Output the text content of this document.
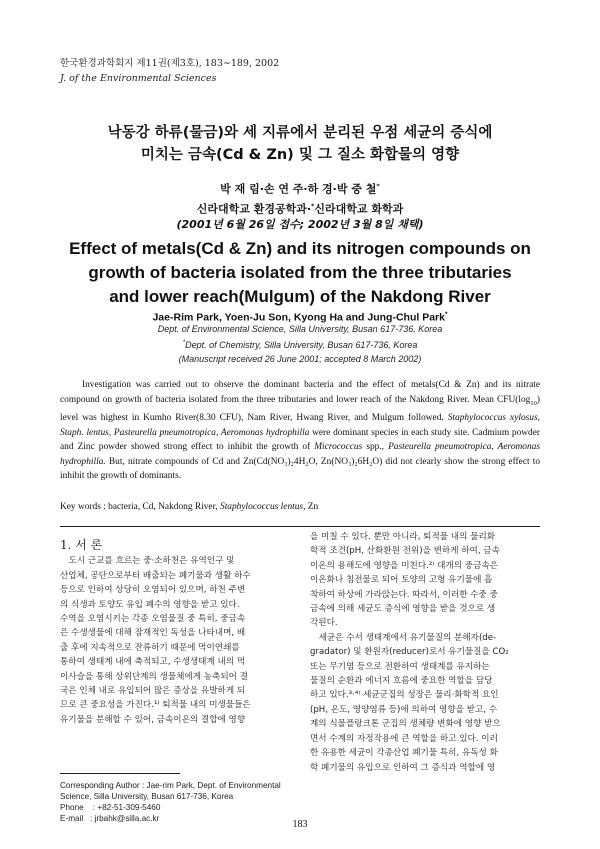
한국환경과학회지 제11권(제3호), 183∼189, 2002
J. of the Environmental Sciences
낙동강 하류(물금)와 세 지류에서 분리된 우점 세균의 증식에
미치는 금속(Cd & Zn) 및 그 질소 화합물의 영향
박 재 림·손 연 주·하 경·박 중 철*
신라대학교 환경공학과·*신라대학교 화학과
(2001년 6월 26일 접수; 2002년 3월 8일 채택)
Effect of metals(Cd & Zn) and its nitrogen compounds on
growth of bacteria isolated from the three tributaries
and lower reach(Mulgum) of the Nakdong River
Jae-Rim Park, Yoen-Ju Son, Kyong Ha and Jung-Chul Park*
Dept. of Environmental Science, Silla University, Busan 617-736, Korea
*Dept. of Chemistry, Silla University, Busan 617-736, Korea
(Manuscript received 26 June 2001; accepted 8 March 2002)

Investigation was carried out to observe the dominant bacteria and the effect of metals(Cd & Zn) and its nitrate compound on growth of bacteria isolated from the three tributaries and lower reach of the Nakdong River. Mean $CFU(\log_{10})$ level was highest in Kumho River(8.30 CFU), Nam River, Hwang River, and Mulgum followed. Staphylococcus xylosus, Staph. lentus, Pasteurella pneumotropica, Aeromonas hydrophilla were dominant species in each study site. Cadmium powder and Zinc powder showed strong effect to inhibit the growth of Micrococcus spp., Pasteurella pneumotropica, Aeromonas hydrophilla. But, nitrate compounds of Cd and Zn(Cd(NO₃)₂4H₂O, Zn(NO₃)₂6H₂O) did not clearly show the strong effect to inhibit the growth of dominants.

Key words : bacteria, Cd, Nakdong River, Staphylococcus lentus, Zn
1. 서 론
　도시 근교를 흐르는 중·소하천은 유역인구 및
산업체, 공단으로부터 배출되는 폐기물과 생활 하수
등으로 인하여 상당히 오염되어 있으며, 하천 주변
의 식생과 토양도 유입 폐수의 영향을 받고 있다.
수역을 오염시키는 각종 오염물질 중 특히, 중금속
은 수생생물에 대해 잠재적인 독성을 나타내며, 배
출 후에 지속적으로 잔류하기 때문에 먹이연쇄를
통하여 생태계 내에 축적되고, 수생생태계 내의 먹
이사슬을 통해 상위단계의 생물체에게 농축되어 결
국은 인체 내로 유입되어 많은 증상을 유발하게 되
므로 큰 중요성을 가진다.¹⁾ 퇴적물 내의 미생물들은
유기물을 분해할 수 있어, 금속이온의 결합에 영향
을 미칠 수 있다. 뿐만 아니라, 퇴적물 내의 물리화
학적 조건(pH, 산화환원 전위)을 변하게 하여, 금속
이온의 용해도에 영향을 미친다.²⁾ 대개의 중금속은
이온화나 침전물로 되어 토양의 고형 유기물에 흡
착하여 하상에 가라앉는다. 따라서, 이러한 수중 중
금속에 의해 세균도 증식에 영향을 받을 것으로 생
각된다.
　세균은 수서 생태계에서 유기물질의 분해자(de-
gradator) 및 환원자(reducer)로서 유기물질을 CO₂
또는 무기염 등으로 전환하여 생태계를 유지하는
물질의 순환과 에너지 흐름에 중요한 역할을 담당
하고 있다.³·⁴⁾ 세균군집의 성장은 물리·화학적 요인
(pH, 온도, 영양염류 등)에 의하여 영향을 받고, 수
계의 식물플랑크톤 군집의 생체량 변화에 영향 받으
면서 수계의 자정작용에 큰 역할을 하고 있다. 이러
한 유용한 세균이 각종산업 폐기물 특히, 유독성 화
학 폐기물의 유입으로 인하여 그 증식과 역할에 영
Corresponding Author : Jae-rim Park, Dept. of Environmental
Science, Silla University, Busan 617-736, Korea
Phone : +82-51-309-5460
E-mail : jrbahk@silla.ac.kr
183
